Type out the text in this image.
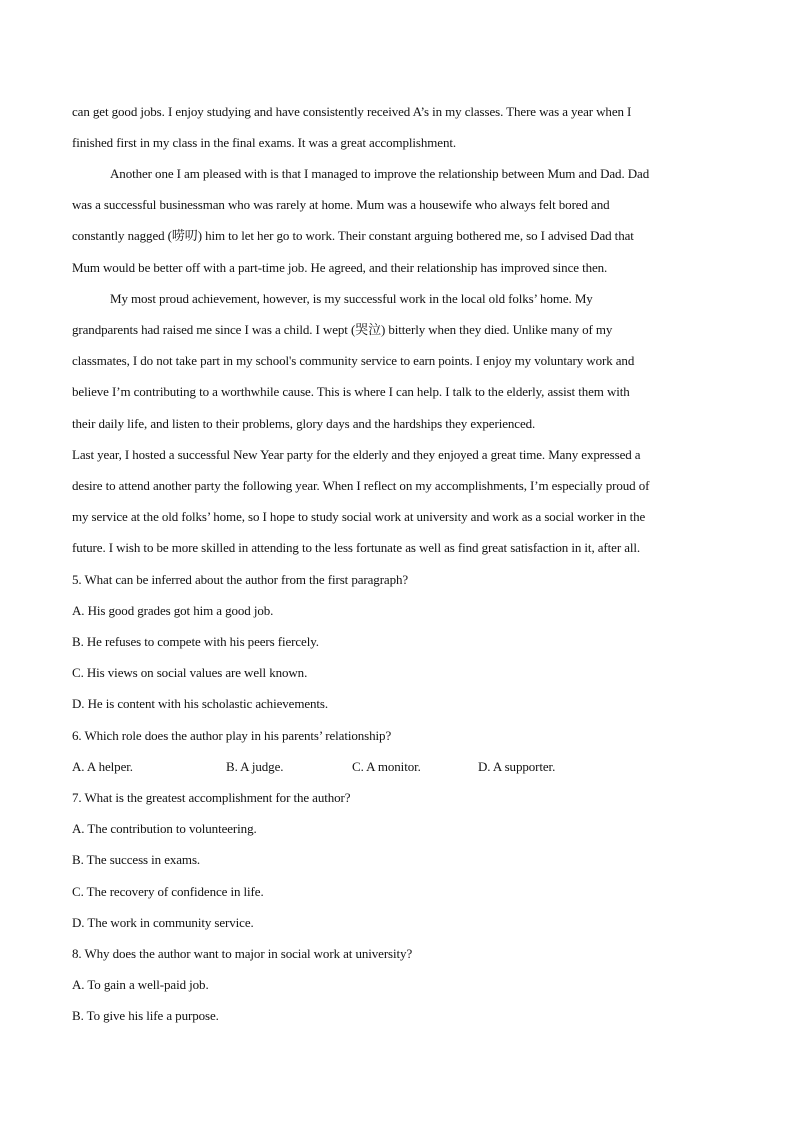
can get good jobs. I enjoy studying and have consistently received A’s in my classes. There was a year when I
finished first in my class in the final exams. It was a great accomplishment.
Another one I am pleased with is that I managed to improve the relationship between Mum and Dad. Dad
was a successful businessman who was rarely at home. Mum was a housewife who always felt bored and
constantly nagged (唠叨) him to let her go to work. Their constant arguing bothered me, so I advised Dad that
Mum would be better off with a part-time job. He agreed, and their relationship has improved since then.
My most proud achievement, however, is my successful work in the local old folks’ home. My
grandparents had raised me since I was a child. I wept (哭泣) bitterly when they died. Unlike many of my
classmates, I do not take part in my school's community service to earn points. I enjoy my voluntary work and
believe I’m contributing to a worthwhile cause. This is where I can help. I talk to the elderly, assist them with
their daily life, and listen to their problems, glory days and the hardships they experienced.
Last year, I hosted a successful New Year party for the elderly and they enjoyed a great time. Many expressed a
desire to attend another party the following year. When I reflect on my accomplishments, I’m especially proud of
my service at the old folks’ home, so I hope to study social work at university and work as a social worker in the
future. I wish to be more skilled in attending to the less fortunate as well as find great satisfaction in it, after all.
5. What can be inferred about the author from the first paragraph?
A. His good grades got him a good job.
B. He refuses to compete with his peers fiercely.
C. His views on social values are well known.
D. He is content with his scholastic achievements.
6. Which role does the author play in his parents’ relationship?
A. A helper.	B. A judge.	C. A monitor.	D. A supporter.
7. What is the greatest accomplishment for the author?
A. The contribution to volunteering.
B. The success in exams.
C. The recovery of confidence in life.
D. The work in community service.
8. Why does the author want to major in social work at university?
A. To gain a well-paid job.
B. To give his life a purpose.
